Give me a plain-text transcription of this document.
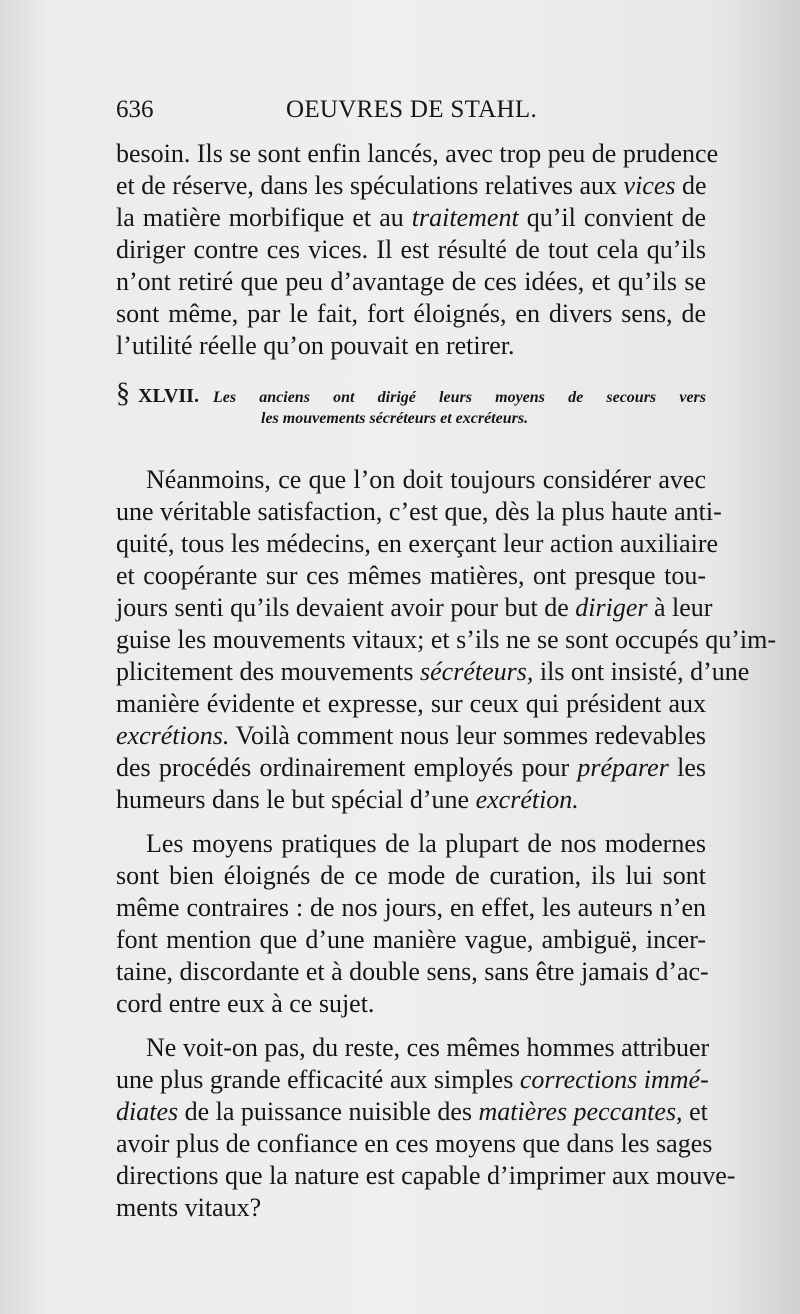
636	OEUVRES DE STAHL.
besoin. Ils se sont enfin lancés, avec trop peu de prudence
et de réserve, dans les spéculations relatives aux vices de
la matière morbifique et au traitement qu’il convient de
diriger contre ces vices. Il est résulté de tout cela qu’ils
n’ont retiré que peu d’avantage de ces idées, et qu’ils se
sont même, par le fait, fort éloignés, en divers sens, de
l’utilité réelle qu’on pouvait en retirer.
§ XLVII. Les anciens ont dirigé leurs moyens de secours vers
les mouvements sécréteurs et excréteurs.
Néanmoins, ce que l’on doit toujours considérer avec
une véritable satisfaction, c’est que, dès la plus haute anti-
quité, tous les médecins, en exerçant leur action auxiliaire
et coopérante sur ces mêmes matières, ont presque tou-
jours senti qu’ils devaient avoir pour but de diriger à leur
guise les mouvements vitaux; et s’ils ne se sont occupés qu’im-
plicitement des mouvements sécréteurs, ils ont insisté, d’une
manière évidente et expresse, sur ceux qui président aux
excrétions. Voilà comment nous leur sommes redevables
des procédés ordinairement employés pour préparer les
humeurs dans le but spécial d’une excrétion.
Les moyens pratiques de la plupart de nos modernes
sont bien éloignés de ce mode de curation, ils lui sont
même contraires : de nos jours, en effet, les auteurs n’en
font mention que d’une manière vague, ambiguë, incer-
taine, discordante et à double sens, sans être jamais d’ac-
cord entre eux à ce sujet.
Ne voit-on pas, du reste, ces mêmes hommes attribuer
une plus grande efficacité aux simples corrections immé-
diates de la puissance nuisible des matières peccantes, et
avoir plus de confiance en ces moyens que dans les sages
directions que la nature est capable d’imprimer aux mouve-
ments vitaux?
